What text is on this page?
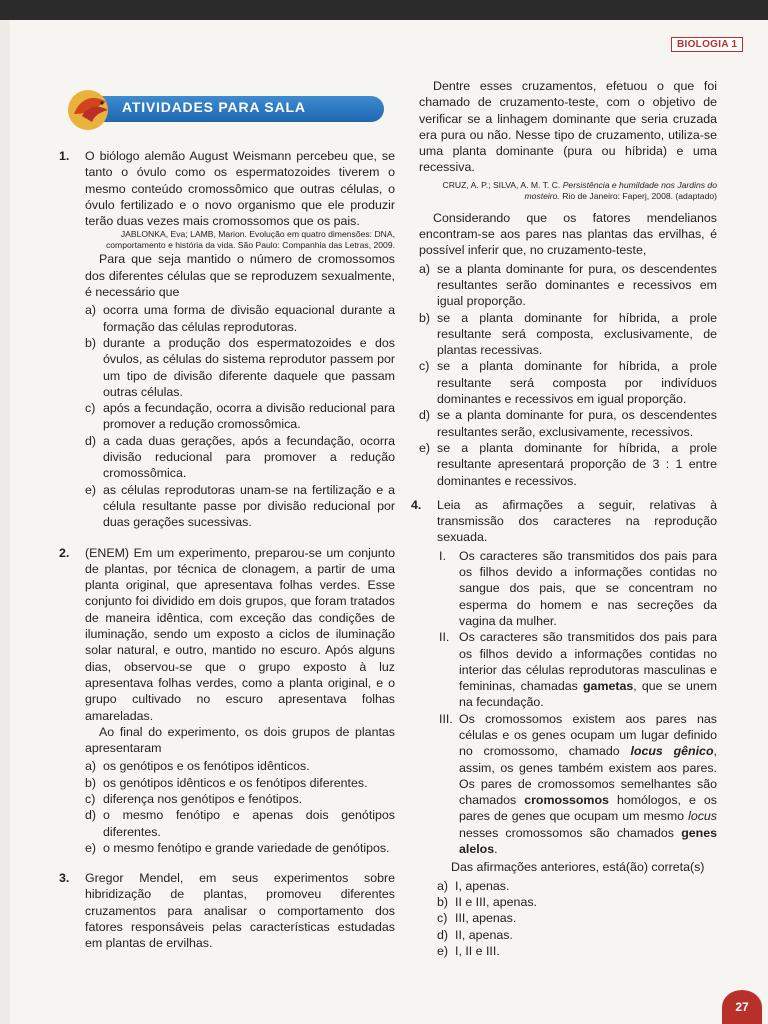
BIOLOGIA 1
ATIVIDADES PARA SALA
1. O biólogo alemão August Weismann percebeu que, se tanto o óvulo como os espermatozoides tiverem o mesmo conteúdo cromossômico que outras células, o óvulo fertilizado e o novo organismo que ele produzir terão duas vezes mais cromossomos que os pais.

JABLONKA, Eva; LAMB, Marion. Evolução em quatro dimensões: DNA, comportamento e história da vida. São Paulo: Companhia das Letras, 2009.

Para que seja mantido o número de cromossomos dos diferentes células que se reproduzem sexualmente, é necessário que

a) ocorra uma forma de divisão equacional durante a formação das células reprodutoras.
b) durante a produção dos espermatozoides e dos óvulos, as células do sistema reprodutor passem por um tipo de divisão diferente daquele que passam outras células.
c) após a fecundação, ocorra a divisão reducional para promover a redução cromossômica.
d) a cada duas gerações, após a fecundação, ocorra divisão reducional para promover a redução cromossômica.
e) as células reprodutoras unam-se na fertilização e a célula resultante passe por divisão reducional por duas gerações sucessivas.
2. (ENEM) Em um experimento, preparou-se um conjunto de plantas, por técnica de clonagem, a partir de uma planta original, que apresentava folhas verdes. Esse conjunto foi dividido em dois grupos, que foram tratados de maneira idêntica, com exceção das condições de iluminação, sendo um exposto a ciclos de iluminação solar natural, e outro, mantido no escuro. Após alguns dias, observou-se que o grupo exposto à luz apresentava folhas verdes, como a planta original, e o grupo cultivado no escuro apresentava folhas amareladas.

Ao final do experimento, os dois grupos de plantas apresentaram

a) os genótipos e os fenótipos idênticos.
b) os genótipos idênticos e os fenótipos diferentes.
c) diferença nos genótipos e fenótipos.
d) o mesmo fenótipo e apenas dois genótipos diferentes.
e) o mesmo fenótipo e grande variedade de genótipos.
3. Gregor Mendel, em seus experimentos sobre hibridização de plantas, promoveu diferentes cruzamentos para analisar o comportamento dos fatores responsáveis pelas características estudadas em plantas de ervilhas.

Dentre esses cruzamentos, efetuou o que foi chamado de cruzamento-teste, com o objetivo de verificar se a linhagem dominante que seria cruzada era pura ou não. Nesse tipo de cruzamento, utiliza-se uma planta dominante (pura ou híbrida) e uma recessiva.

CRUZ, A. P.; SILVA, A. M. T. C. Persistência e humildade nos Jardins do mosteiro. Rio de Janeiro: Faperj, 2008. (adaptado)

Considerando que os fatores mendelianos encontram-se aos pares nas plantas das ervilhas, é possível inferir que, no cruzamento-teste,

a) se a planta dominante for pura, os descendentes resultantes serão dominantes e recessivos em igual proporção.
b) se a planta dominante for híbrida, a prole resultante será composta, exclusivamente, de plantas recessivas.
c) se a planta dominante for híbrida, a prole resultante será composta por indivíduos dominantes e recessivos em igual proporção.
d) se a planta dominante for pura, os descendentes resultantes serão, exclusivamente, recessivos.
e) se a planta dominante for híbrida, a prole resultante apresentará proporção de 3 : 1 entre dominantes e recessivos.
4. Leia as afirmações a seguir, relativas à transmissão dos caracteres na reprodução sexuada.

I. Os caracteres são transmitidos dos pais para os filhos devido a informações contidas no sangue dos pais, que se concentram no esperma do homem e nas secreções da vagina da mulher.
II. Os caracteres são transmitidos dos pais para os filhos devido a informações contidas no interior das células reprodutoras masculinas e femininas, chamadas gametas, que se unem na fecundação.
III. Os cromossomos existem aos pares nas células e os genes ocupam um lugar definido no cromossomo, chamado locus gênico, assim, os genes também existem aos pares. Os pares de cromossomos semelhantes são chamados cromossomos homólogos, e os pares de genes que ocupam um mesmo locus nesses cromossomos são chamados genes alelos.

Das afirmações anteriores, está(ão) correta(s)

a) I, apenas.
b) II e III, apenas.
c) III, apenas.
d) II, apenas.
e) I, II e III.
27
